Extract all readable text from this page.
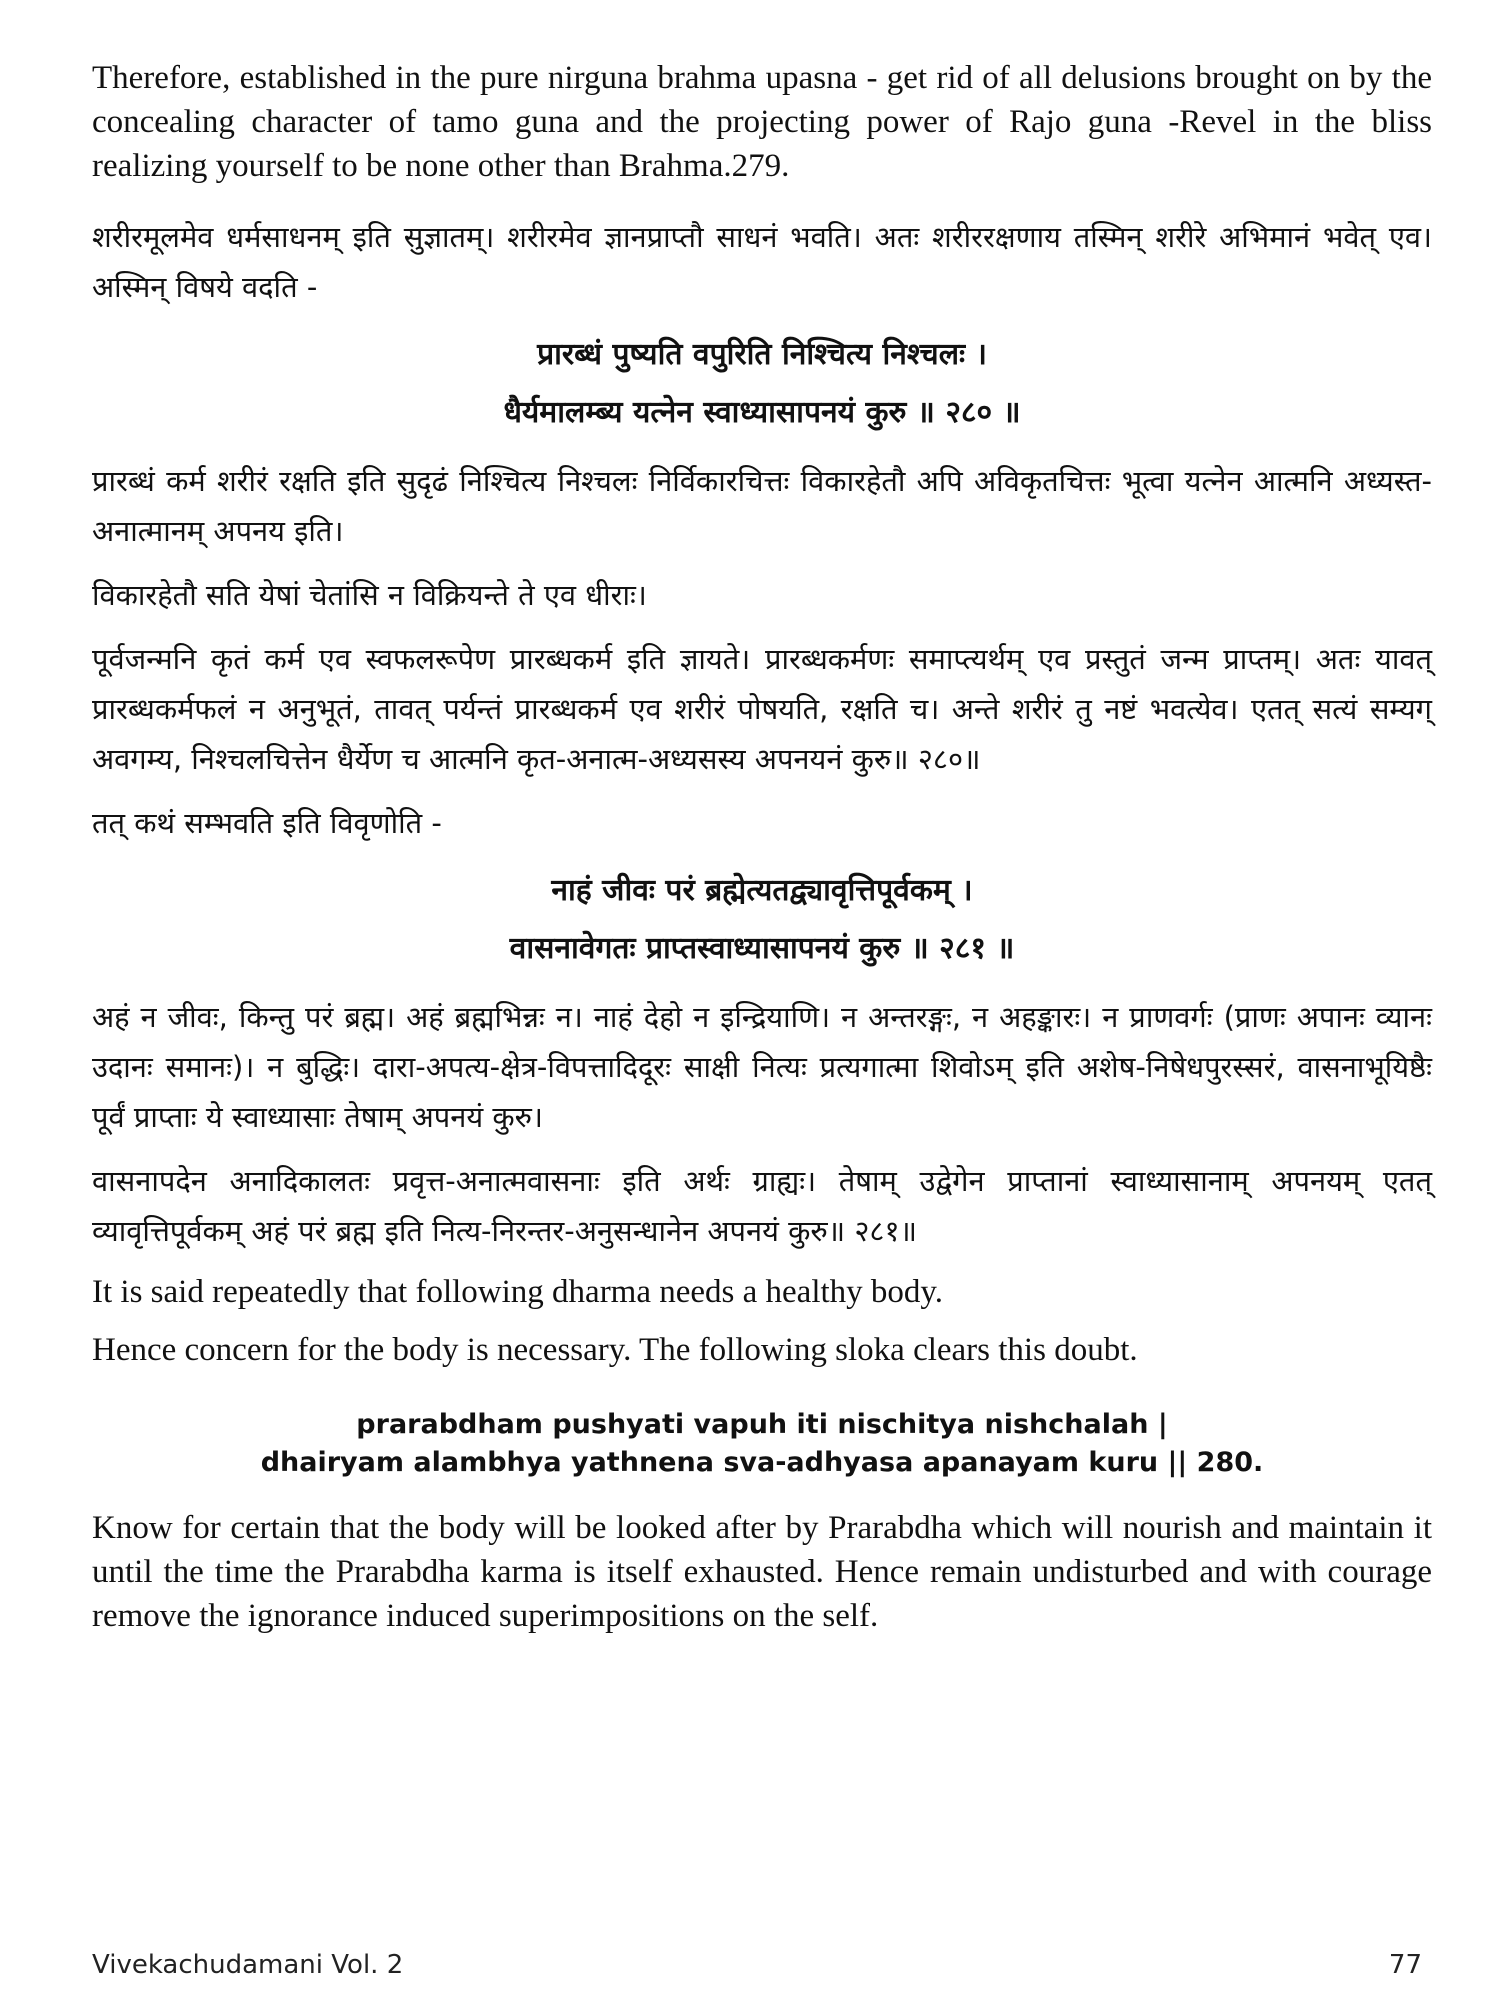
Therefore, established in the pure nirguna brahma upasna - get rid of all delusions brought on by the concealing character of tamo guna and the projecting power of Rajo guna -Revel in the bliss realizing yourself to be none other than Brahma.279.

शरीरमूलमेव धर्मसाधनम् इति सुज्ञातम्। शरीरमेव ज्ञानप्राप्तौ साधनं भवति। अतः शरीररक्षणाय तस्मिन् शरीरे अभिमानं भवेत् एव। अस्मिन् विषये वदति -

प्रारब्धं पुष्यति वपुरिति निश्चित्य निश्चलः ।

धैर्यमालम्ब्य यत्नेन स्वाध्यासापनयं कुरु ॥ २८० ॥

प्रारब्धं कर्म शरीरं रक्षति इति सुदृढं निश्चित्य निश्चलः निर्विकारचित्तः विकारहेतौ अपि अविकृतचित्तः भूत्वा यत्नेन आत्मनि अध्यस्त-अनात्मानम् अपनय इति।

विकारहेतौ सति येषां चेतांसि न विक्रियन्ते ते एव धीराः।

पूर्वजन्मनि कृतं कर्म एव स्वफलरूपेण प्रारब्धकर्म इति ज्ञायते। प्रारब्धकर्मणः समाप्त्यर्थम् एव प्रस्तुतं जन्म प्राप्तम्। अतः यावत् प्रारब्धकर्मफलं न अनुभूतं, तावत् पर्यन्तं प्रारब्धकर्म एव शरीरं पोषयति, रक्षति च। अन्ते शरीरं तु नष्टं भवत्येव। एतत् सत्यं सम्यग् अवगम्य, निश्चलचित्तेन धैर्येण च आत्मनि कृत-अनात्म-अध्यसस्य अपनयनं कुरु॥ २८०॥

तत् कथं सम्भवति इति विवृणोति -

नाहं जीवः परं ब्रह्मेत्यतद्व्यावृत्तिपूर्वकम् ।

वासनावेगतः प्राप्तस्वाध्यासापनयं कुरु ॥ २८१ ॥

अहं न जीवः, किन्तु परं ब्रह्म। अहं ब्रह्मभिन्नः न। नाहं देहो न इन्द्रियाणि। न अन्तरङ्गः, न अहङ्कारः। न प्राणवर्गः (प्राणः अपानः व्यानः उदानः समानः)। न बुद्धिः। दारा-अपत्य-क्षेत्र-विपत्तादिदूरः साक्षी नित्यः प्रत्यगात्मा शिवोऽम् इति अशेष-निषेधपुरस्सरं, वासनाभूयिष्ठैः पूर्वं प्राप्ताः ये स्वाध्यासाः तेषाम् अपनयं कुरु।

वासनापदेन अनादिकालतः प्रवृत्त-अनात्मवासनाः इति अर्थः ग्राह्यः। तेषाम् उद्वेगेन प्राप्तानां स्वाध्यासानाम् अपनयम् एतत् व्यावृत्तिपूर्वकम् अहं परं ब्रह्म इति नित्य-निरन्तर-अनुसन्धानेन अपनयं कुरु॥ २८१॥

It is said repeatedly that following dharma needs a healthy body.

Hence concern for the body is necessary. The following sloka clears this doubt.

prarabdham pushyati vapuh iti nischitya nishchalah |

dhairyam alambhya yathnena sva-adhyasa apanayam kuru || 280.

Know for certain that the body will be looked after by Prarabdha which will nourish and maintain it until the time the Prarabdha karma is itself exhausted. Hence remain undisturbed and with courage remove the ignorance induced superimpositions on the self.

Vivekachudamani Vol. 2	77
